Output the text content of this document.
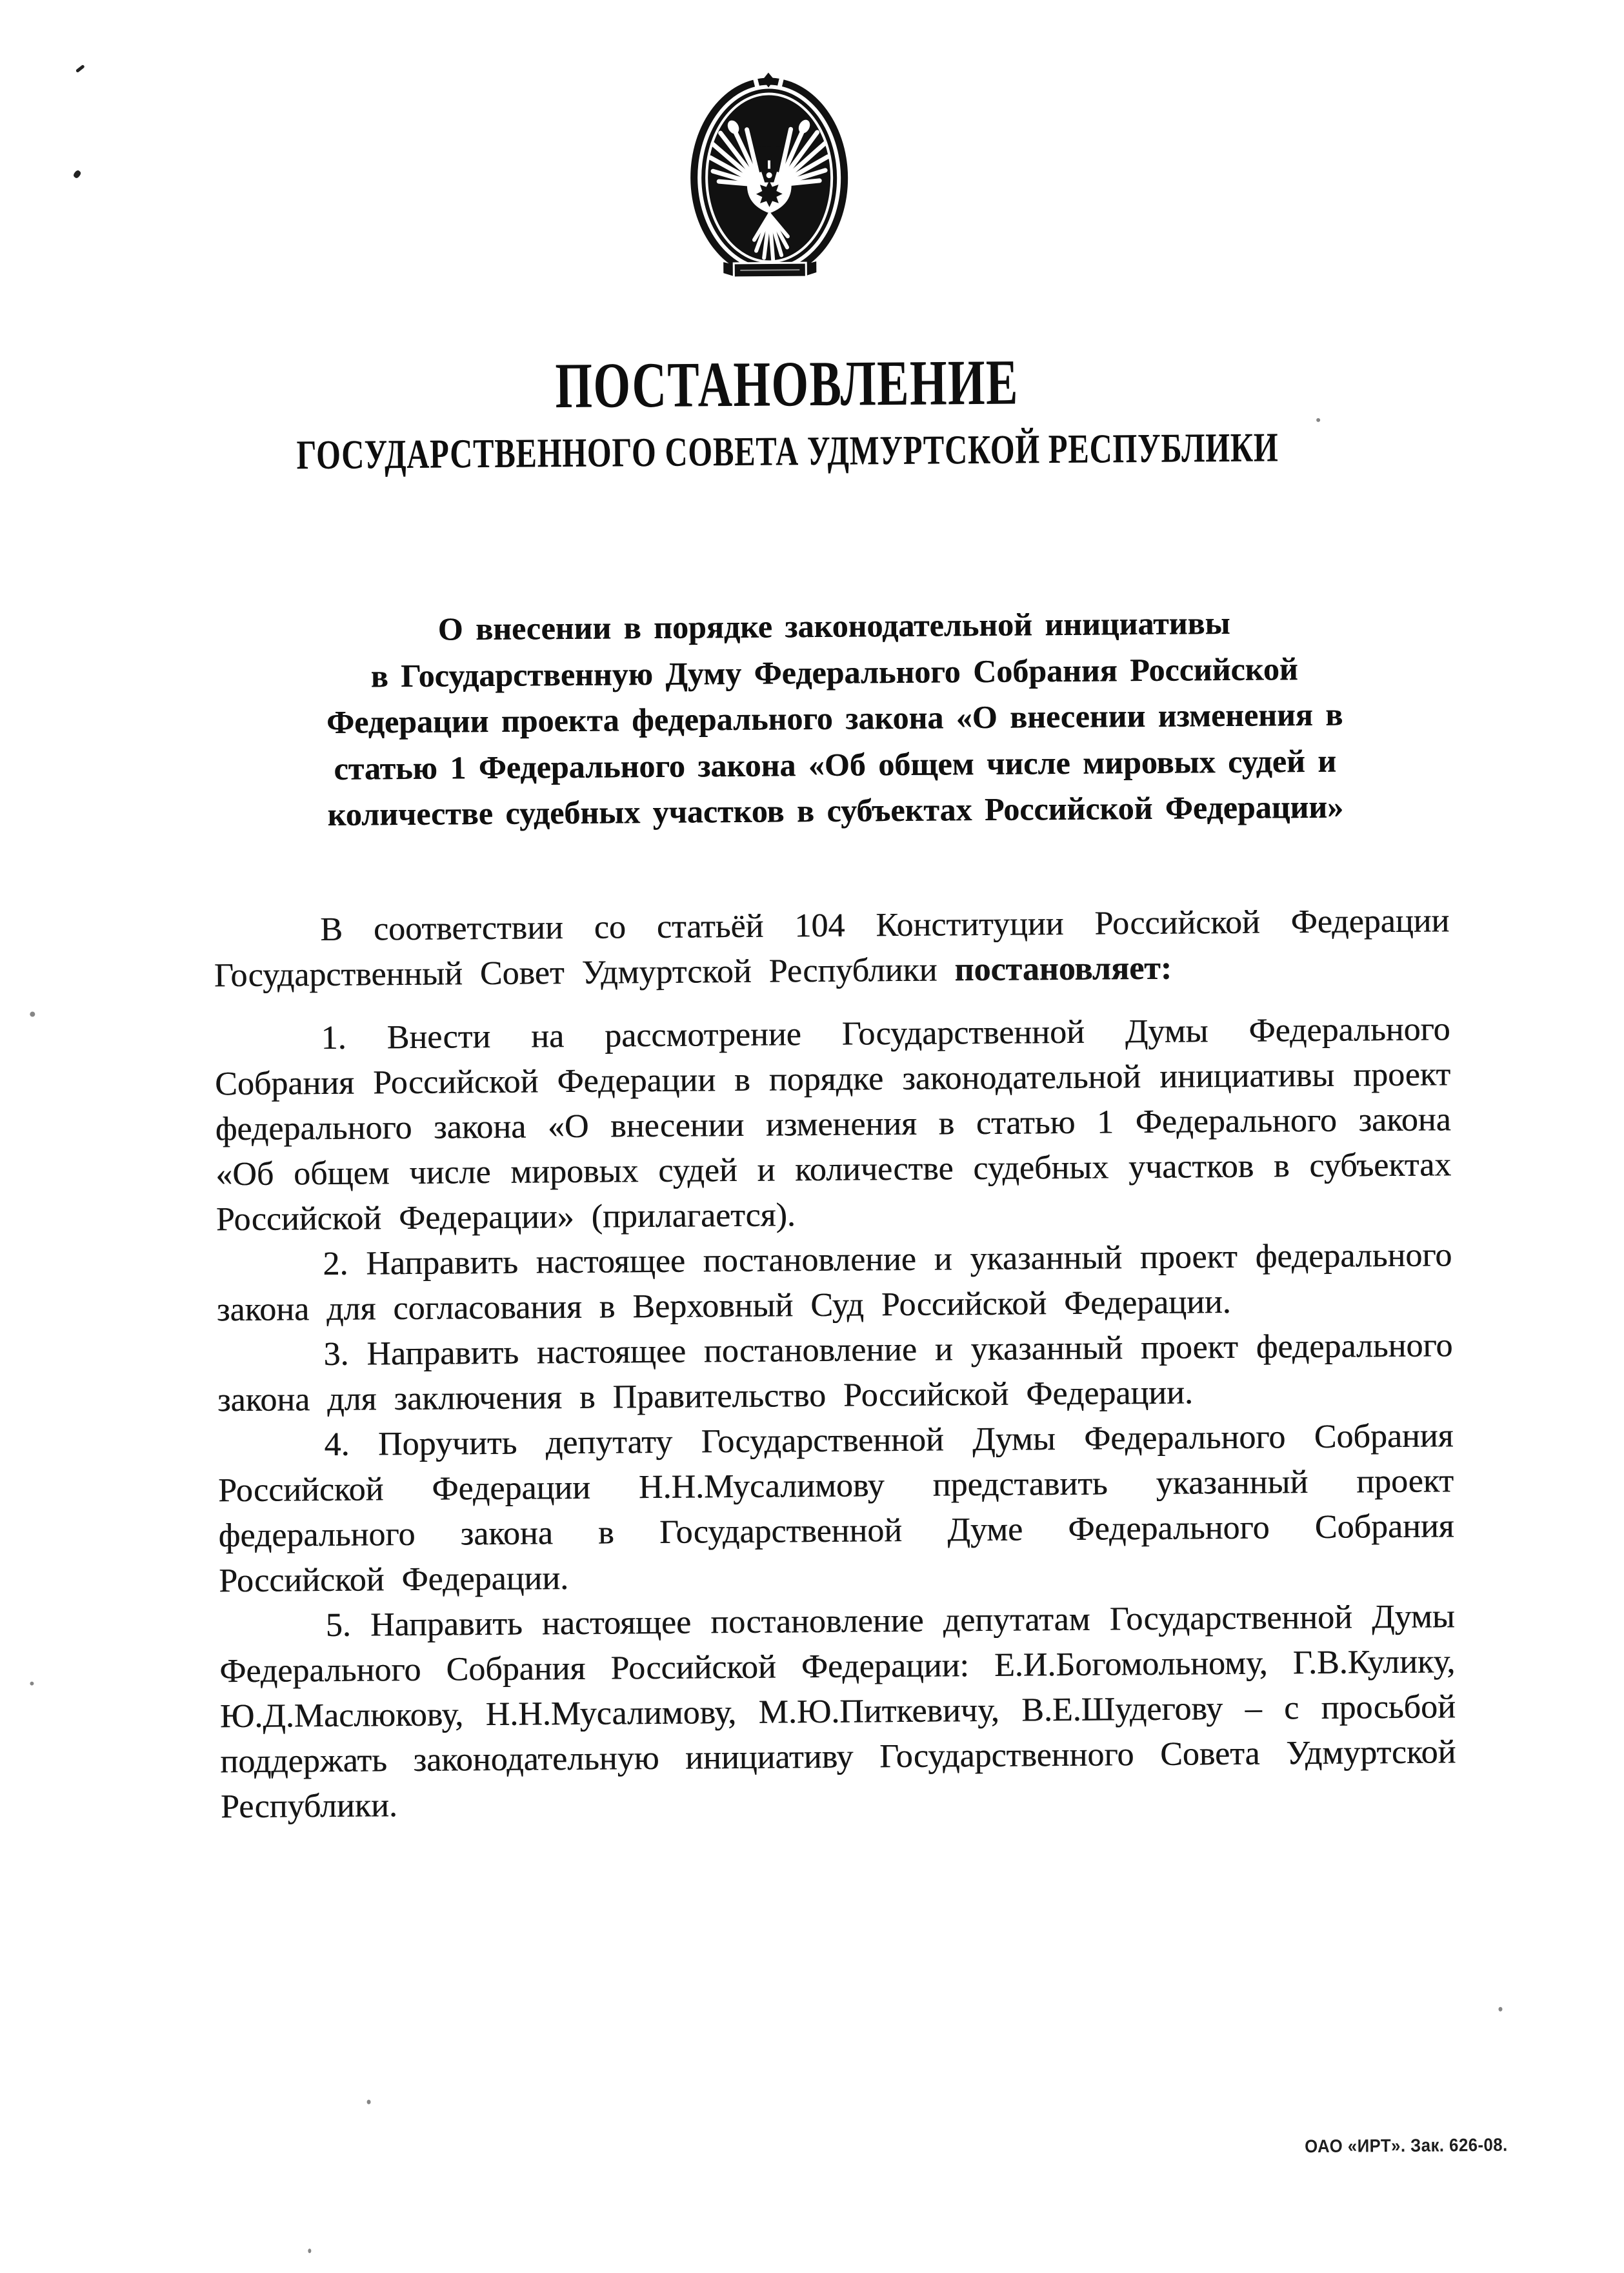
ПОСТАНОВЛЕНИЕ
ГОСУДАРСТВЕННОГО СОВЕТА УДМУРТСКОЙ РЕСПУБЛИКИ
О внесении в порядке законодательной инициативы
в Государственную Думу Федерального Собрания Российской
Федерации проекта федерального закона «О внесении изменения в
статью 1 Федерального закона «Об общем числе мировых судей и
количестве судебных участков в субъектах Российской Федерации»

В соответствии со статьёй 104 Конституции Российской Федерации Государственный Совет Удмуртской Республики постановляет:

1. Внести на рассмотрение Государственной Думы Федерального Собрания Российской Федерации в порядке законодательной инициативы проект федерального закона «О внесении изменения в статью 1 Федерального закона «Об общем числе мировых судей и количестве судебных участков в субъектах Российской Федерации» (прилагается).

2. Направить настоящее постановление и указанный проект федерального закона для согласования в Верховный Суд Российской Федерации.

3. Направить настоящее постановление и указанный проект федерального закона для заключения в Правительство Российской Федерации.

4. Поручить депутату Государственной Думы Федерального Собрания Российской Федерации Н.Н.Мусалимову представить указанный проект федерального закона в Государственной Думе Федерального Собрания Российской Федерации.

5. Направить настоящее постановление депутатам Государственной Думы Федерального Собрания Российской Федерации: Е.И.Богомольному, Г.В.Кулику, Ю.Д.Маслюкову, Н.Н.Мусалимову, М.Ю.Питкевичу, В.Е.Шудегову – с просьбой поддержать законодательную инициативу Государственного Совета Удмуртской Республики.

ОАО «ИРТ». Зак. 626-08.
